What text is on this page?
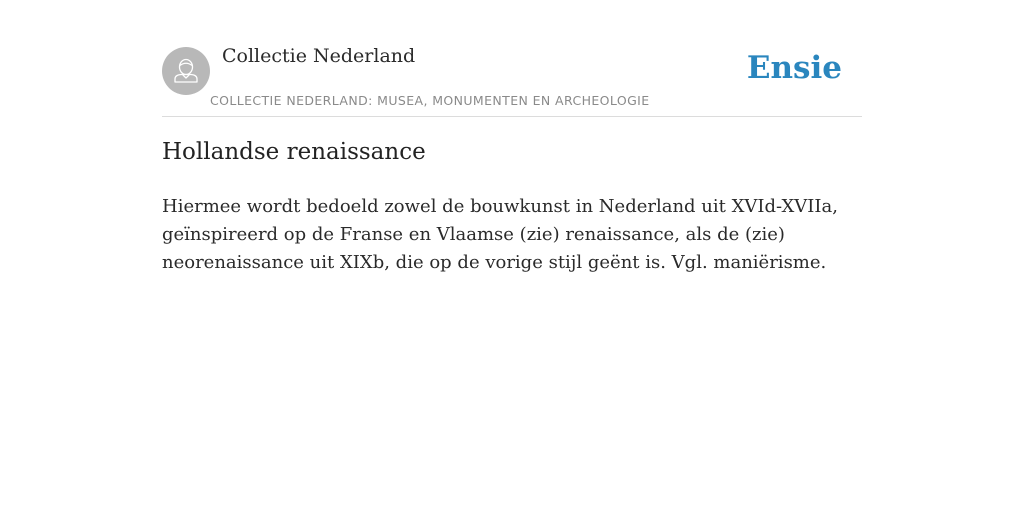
Collectie Nederland
COLLECTIE NEDERLAND: MUSEA, MONUMENTEN EN ARCHEOLOGIE
Ensie
Hollandse renaissance

Hiermee wordt bedoeld zowel de bouwkunst in Nederland uit XVId-XVIIa, geïnspireerd op de Franse en Vlaamse (zie) renaissance, als de (zie) neorenaissance uit XIXb, die op de vorige stijl geënt is. Vgl. maniërisme.
